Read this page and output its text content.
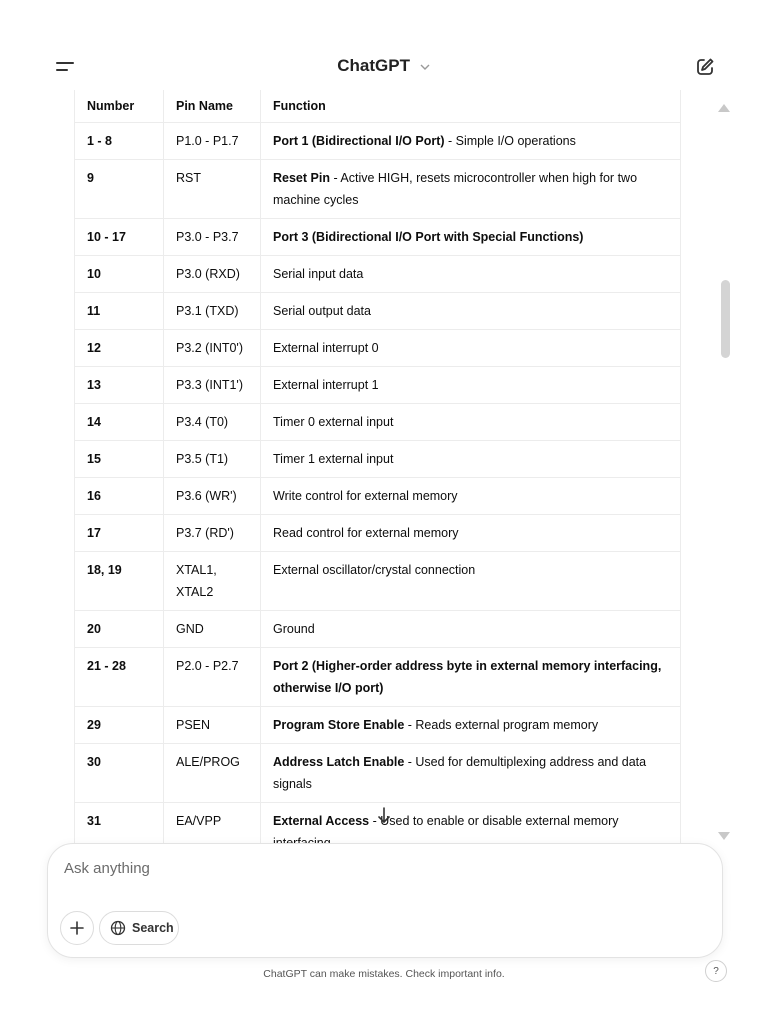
ChatGPT
Number	Pin Name	Function
1 - 8	P1.0 - P1.7	Port 1 (Bidirectional I/O Port) - Simple I/O operations
9	RST	Reset Pin - Active HIGH, resets microcontroller when high for two machine cycles
10 - 17	P3.0 - P3.7	Port 3 (Bidirectional I/O Port with Special Functions)
10	P3.0 (RXD)	Serial input data
11	P3.1 (TXD)	Serial output data
12	P3.2 (INT0')	External interrupt 0
13	P3.3 (INT1')	External interrupt 1
14	P3.4 (T0)	Timer 0 external input
15	P3.5 (T1)	Timer 1 external input
16	P3.6 (WR')	Write control for external memory
17	P3.7 (RD')	Read control for external memory
18, 19	XTAL1, XTAL2	External oscillator/crystal connection
20	GND	Ground
21 - 28	P2.0 - P2.7	Port 2 (Higher-order address byte in external memory interfacing, otherwise I/O port)
29	PSEN	Program Store Enable - Reads external program memory
30	ALE/PROG	Address Latch Enable - Used for demultiplexing address and data signals
31	EA/VPP	External Access - Used to enable or disable external memory

Ask anything
Search
ChatGPT can make mistakes. Check important info.	?
